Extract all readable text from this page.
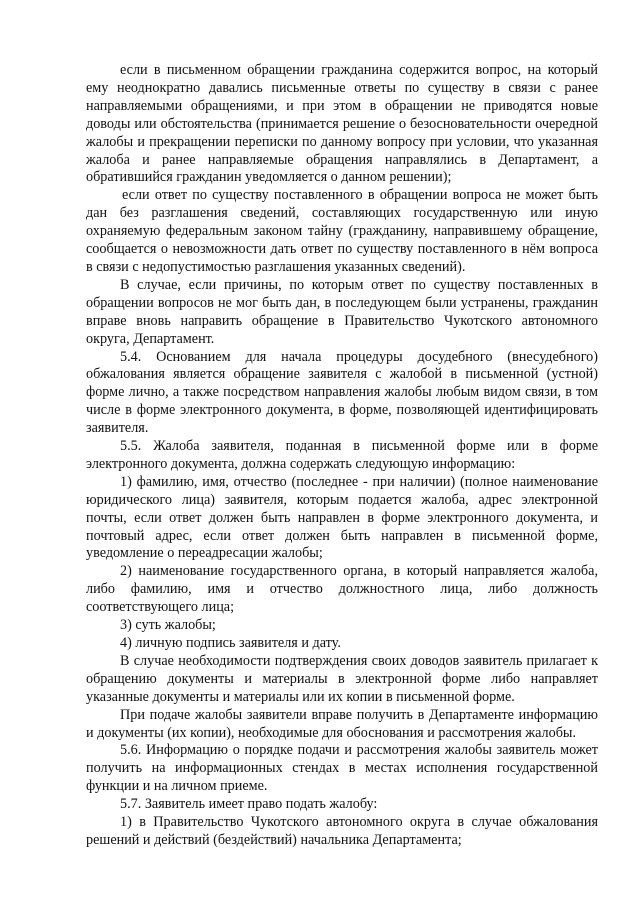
если в письменном обращении гражданина содержится вопрос, на который ему неоднократно давались письменные ответы по существу в связи с ранее направляемыми обращениями, и при этом в обращении не приводятся новые доводы или обстоятельства (принимается решение о безосновательности очередной жалобы и прекращении переписки по данному вопросу при условии, что указанная жалоба и ранее направляемые обращения направлялись в Департамент, а обратившийся гражданин уведомляется о данном решении);

если ответ по существу поставленного в обращении вопроса не может быть дан без разглашения сведений, составляющих государственную или иную охраняемую федеральным законом тайну (гражданину, направившему обращение, сообщается о невозможности дать ответ по существу поставленного в нём вопроса в связи с недопустимостью разглашения указанных сведений).

В случае, если причины, по которым ответ по существу поставленных в обращении вопросов не мог быть дан, в последующем были устранены, гражданин вправе вновь направить обращение в Правительство Чукотского автономного округа, Департамент.

5.4. Основанием для начала процедуры досудебного (внесудебного) обжалования является обращение заявителя с жалобой в письменной (устной) форме лично, а также посредством направления жалобы любым видом связи, в том числе в форме электронного документа, в форме, позволяющей идентифицировать заявителя.

5.5. Жалоба заявителя, поданная в письменной форме или в форме электронного документа, должна содержать следующую информацию:

1) фамилию, имя, отчество (последнее - при наличии) (полное наименование юридического лица) заявителя, которым подается жалоба, адрес электронной почты, если ответ должен быть направлен в форме электронного документа, и почтовый адрес, если ответ должен быть направлен в письменной форме, уведомление о переадресации жалобы;

2) наименование государственного органа, в который направляется жалоба, либо фамилию, имя и отчество должностного лица, либо должность соответствующего лица;

3) суть жалобы;

4) личную подпись заявителя и дату.

В случае необходимости подтверждения своих доводов заявитель прилагает к обращению документы и материалы в электронной форме либо направляет указанные документы и материалы или их копии в письменной форме.

При подаче жалобы заявители вправе получить в Департаменте информацию и документы (их копии), необходимые для обоснования и рассмотрения жалобы.

5.6. Информацию о порядке подачи и рассмотрения жалобы заявитель может получить на информационных стендах в местах исполнения государственной функции и на личном приеме.

5.7. Заявитель имеет право подать жалобу:

1) в Правительство Чукотского автономного округа в случае обжалования решений и действий (бездействий) начальника Департамента;
